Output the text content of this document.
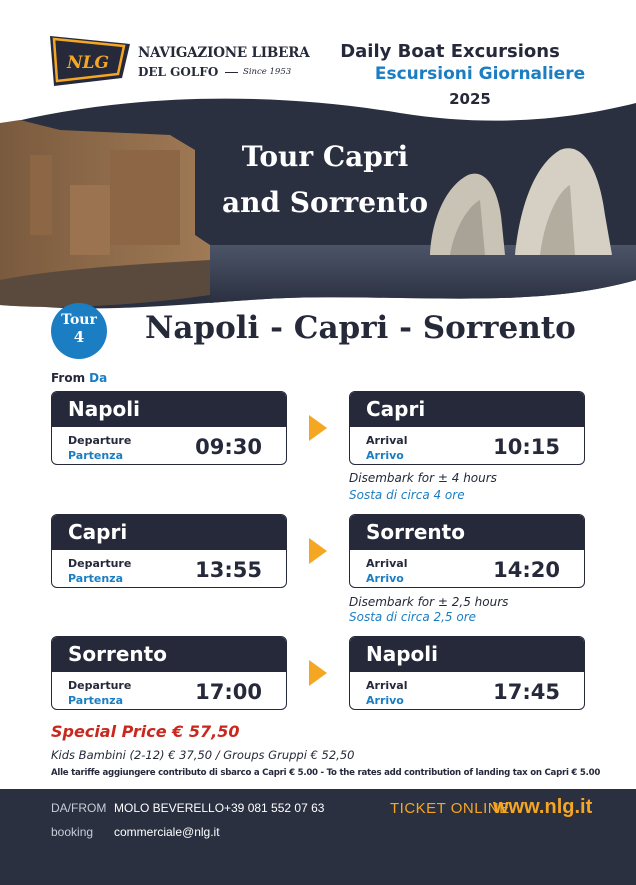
NLG NAVIGAZIONE LIBERA
DEL GOLFO	Since 1953
Daily Boat Excursions
Escursioni Giornaliere
2025
Tour Capri
and Sorrento
Tour
4	Napoli - Capri - Sorrento
From Da
Napoli
Departure
Partenza	09:30
Capri
Arrival
Arrivo	10:15
Disembark for ± 4 hours
Sosta di circa 4 ore
Capri
Departure
Partenza	13:55
Sorrento
Arrival
Arrivo	14:20
Disembark for ± 2,5 hours
Sosta di circa 2,5 ore
Sorrento
Departure
Partenza	17:00
Napoli
Arrival
Arrivo	17:45
Special Price € 57,50
Kids Bambini (2-12) € 37,50 / Groups Gruppi € 52,50
Alle tariffe aggiungere contributo di sbarco a Capri € 5.00 - To the rates add contribution of landing tax on Capri € 5.00
DA/FROM MOLO BEVERELLO +39 081 552 07 63
booking commerciale@nlg.it
TICKET ONLINE
www.nlg.it
